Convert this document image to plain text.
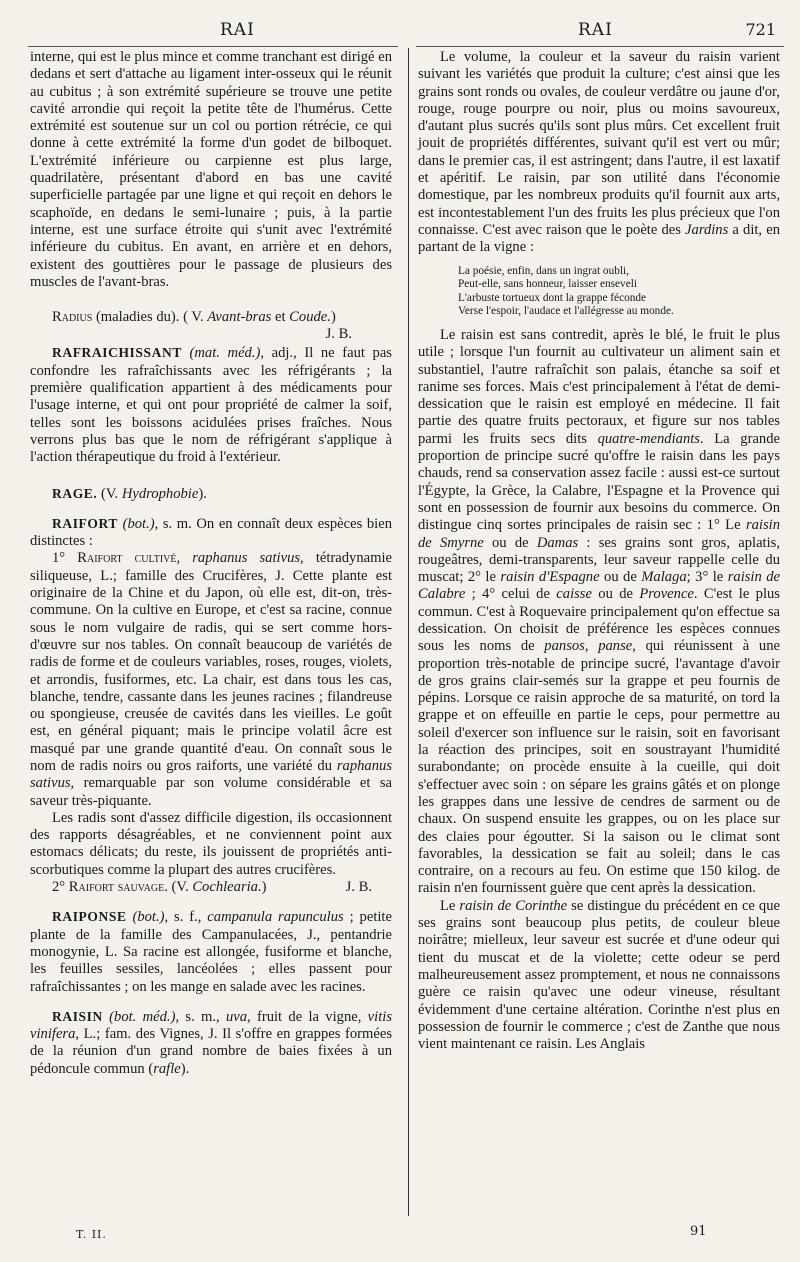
RAI	RAI	721

interne, qui est le plus mince et comme tranchant est dirigé en dedans et sert d'attache au ligament inter-osseux qui le réunit au cubitus ; à son extrémité supérieure se trouve une petite cavité arrondie qui reçoit la petite tête de l'humérus. Cette extrémité est soutenue sur un col ou portion rétrécie, ce qui donne à cette extrémité la forme d'un godet de bilboquet. L'extrémité inférieure ou carpienne est plus large, quadrilatère, présentant d'abord en bas une cavité superficielle partagée par une ligne et qui reçoit en dehors le scaphoïde, en dedans le semi-lunaire ; puis, à la partie interne, est une surface étroite qui s'unit avec l'extrémité inférieure du cubitus. En avant, en arrière et en dehors, existent des gouttières pour le passage de plusieurs des muscles de l'avant-bras.

Radius (maladies du). ( V. Avant-bras et Coude.)
J. B.

RAFRAICHISSANT (mat. méd.), adj., Il ne faut pas confondre les rafraîchissants avec les réfrigérants ; la première qualification appartient à des médicaments pour l'usage interne, et qui ont pour propriété de calmer la soif, telles sont les boissons acidulées prises fraîches. Nous verrons plus bas que le nom de réfrigérant s'applique à l'action thérapeutique du froid à l'extérieur.

RAGE. (V. Hydrophobie).

RAIFORT (bot.), s. m. On en connaît deux espèces bien distinctes :

1° Raifort cultivé, raphanus sativus, tétradynamie siliqueuse, L.; famille des Crucifères, J. Cette plante est originaire de la Chine et du Japon, où elle est, dit-on, très-commune. On la cultive en Europe, et c'est sa racine, connue sous le nom vulgaire de radis, qui se sert comme hors-d'œuvre sur nos tables. On connaît beaucoup de variétés de radis de forme et de couleurs variables, roses, rouges, violets, et arrondis, fusiformes, etc. La chair, est dans tous les cas, blanche, tendre, cassante dans les jeunes racines ; filandreuse ou spongieuse, creusée de cavités dans les vieilles. Le goût est, en général piquant; mais le principe volatil âcre est masqué par une grande quantité d'eau. On connaît sous le nom de radis noirs ou gros raiforts, une variété du raphanus sativus, remarquable par son volume considérable et sa saveur très-piquante.

Les radis sont d'assez difficile digestion, ils occasionnent des rapports désagréables, et ne conviennent point aux estomacs délicats; du reste, ils jouissent de propriétés anti-scorbutiques comme la plupart des autres crucifères.

2° Raifort sauvage. (V. Cochlearia.)	J. B.

RAIPONSE (bot.), s. f., campanula rapunculus ; petite plante de la famille des Campanulacées, J., pentandrie monogynie, L. Sa racine est allongée, fusiforme et blanche, les feuilles sessiles, lancéolées ; elles passent pour rafraîchissantes ; on les mange en salade avec les racines.

RAISIN (bot. méd.), s. m., uva, fruit de la vigne, vitis vinifera, L.; fam. des Vignes, J. Il s'offre en grappes formées de la réunion d'un grand nombre de baies fixées à un pédoncule commun (rafle).

Le volume, la couleur et la saveur du raisin varient suivant les variétés que produit la culture; c'est ainsi que les grains sont ronds ou ovales, de couleur verdâtre ou jaune d'or, rouge, rouge pourpre ou noir, plus ou moins savoureux, d'autant plus sucrés qu'ils sont plus mûrs. Cet excellent fruit jouit de propriétés différentes, suivant qu'il est vert ou mûr; dans le premier cas, il est astringent; dans l'autre, il est laxatif et apéritif. Le raisin, par son utilité dans l'économie domestique, par les nombreux produits qu'il fournit aux arts, est incontestablement l'un des fruits les plus précieux que l'on connaisse. C'est avec raison que le poète des Jardins a dit, en partant de la vigne :

La poésie, enfin, dans un ingrat oubli,
Peut-elle, sans honneur, laisser enseveli
L'arbuste tortueux dont la grappe féconde
Verse l'espoir, l'audace et l'allégresse au monde.

Le raisin est sans contredit, après le blé, le fruit le plus utile ; lorsque l'un fournit au cultivateur un aliment sain et substantiel, l'autre rafraîchit son palais, étanche sa soif et ranime ses forces. Mais c'est principalement à l'état de demi-dessication que le raisin est employé en médecine. Il fait partie des quatre fruits pectoraux, et figure sur nos tables parmi les fruits secs dits quatre-mendiants. La grande proportion de principe sucré qu'offre le raisin dans les pays chauds, rend sa conservation assez facile : aussi est-ce surtout l'Égypte, la Grèce, la Calabre, l'Espagne et la Provence qui sont en possession de fournir aux besoins du commerce. On distingue cinq sortes principales de raisin sec : 1° Le raisin de Smyrne ou de Damas : ses grains sont gros, aplatis, rougeâtres, demi-transparents, leur saveur rappelle celle du muscat; 2° le raisin d'Espagne ou de Malaga; 3° le raisin de Calabre ; 4° celui de caisse ou de Provence. C'est le plus commun. C'est à Roquevaire principalement qu'on effectue sa dessication. On choisit de préférence les espèces connues sous les noms de pansos, panse, qui réunissent à une proportion très-notable de principe sucré, l'avantage d'avoir de gros grains clair-semés sur la grappe et peu fournis de pépins. Lorsque ce raisin approche de sa maturité, on tord la grappe et on effeuille en partie le ceps, pour permettre au soleil d'exercer son influence sur le raisin, soit en favorisant la réaction des principes, soit en soustrayant l'humidité surabondante; on procède ensuite à la cueille, qui doit s'effectuer avec soin : on sépare les grains gâtés et on plonge les grappes dans une lessive de cendres de sarment ou de chaux. On suspend ensuite les grappes, ou on les place sur des claies pour égoutter. Si la saison ou le climat sont favorables, la dessication se fait au soleil; dans le cas contraire, on a recours au feu. On estime que 150 kilog. de raisin n'en fournissent guère que cent après la dessication.

Le raisin de Corinthe se distingue du précédent en ce que ses grains sont beaucoup plus petits, de couleur bleue noirâtre; mielleux, leur saveur est sucrée et d'une odeur qui tient du muscat et de la violette; cette odeur se perd malheureusement assez promptement, et nous ne connaissons guère ce raisin qu'avec une odeur vineuse, résultant évidemment d'une certaine altération. Corinthe n'est plus en possession de fournir le commerce ; c'est de Zanthe que nous vient maintenant ce raisin. Les Anglais

T. II.	91
